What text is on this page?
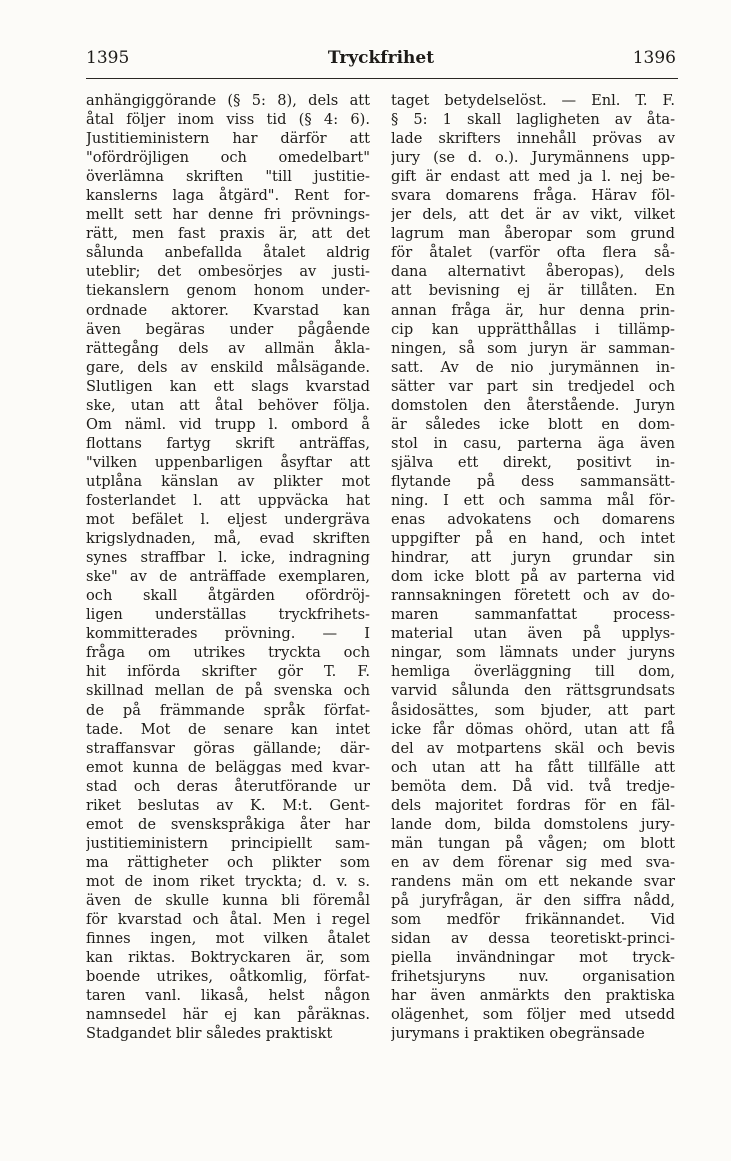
1395	Tryckfrihet	1396
anhängiggörande (§ 5: 8), dels att
åtal följer inom viss tid (§ 4: 6).
Justitieministern har därför att
"ofördröjligen och omedelbart"
överlämna skriften "till justitie-
kanslerns laga åtgärd". Rent for-
mellt sett har denne fri prövnings-
rätt, men fast praxis är, att det
sålunda anbefallda åtalet aldrig
uteblir; det ombesörjes av justi-
tiekanslern genom honom under-
ordnade aktorer. Kvarstad kan
även begäras under pågående
rättegång dels av allmän åkla-
gare, dels av enskild målsägande.
Slutligen kan ett slags kvarstad
ske, utan att åtal behöver följa.
Om näml. vid trupp l. ombord å
flottans fartyg skrift anträffas,
"vilken uppenbarligen åsyftar att
utplåna känslan av plikter mot
fosterlandet l. att uppväcka hat
mot befälet l. eljest undergräva
krigslydnaden, må, evad skriften
synes straffbar l. icke, indragning
ske" av de anträffade exemplaren,
och skall åtgärden ofördröj-
ligen underställas tryckfrihets-
kommitterades prövning. — I
fråga om utrikes tryckta och
hit införda skrifter gör T. F.
skillnad mellan de på svenska och
de på främmande språk förfat-
tade. Mot de senare kan intet
straffansvar göras gällande; där-
emot kunna de beläggas med kvar-
stad och deras återutförande ur
riket beslutas av K. M:t. Gent-
emot de svenskspråkiga åter har
justitieministern principiellt sam-
ma rättigheter och plikter som
mot de inom riket tryckta; d. v. s.
även de skulle kunna bli föremål
för kvarstad och åtal. Men i regel
finnes ingen, mot vilken åtalet
kan riktas. Boktryckaren är, som
boende utrikes, oåtkomlig, förfat-
taren vanl. likaså, helst någon
namnsedel här ej kan påräknas.
Stadgandet blir således praktiskt
taget betydelselöst. — Enl. T. F.
§ 5: 1 skall lagligheten av åta-
lade skrifters innehåll prövas av
jury (se d. o.). Jurymännens upp-
gift är endast att med ja l. nej be-
svara domarens fråga. Härav föl-
jer dels, att det är av vikt, vilket
lagrum man åberopar som grund
för åtalet (varför ofta flera så-
dana alternativt åberopas), dels
att bevisning ej är tillåten. En
annan fråga är, hur denna prin-
cip kan upprätthållas i tillämp-
ningen, så som juryn är samman-
satt. Av de nio jurymännen in-
sätter var part sin tredjedel och
domstolen den återstående. Juryn
är således icke blott en dom-
stol in casu, parterna äga även
själva ett direkt, positivt in-
flytande på dess sammansätt-
ning. I ett och samma mål för-
enas advokatens och domarens
uppgifter på en hand, och intet
hindrar, att juryn grundar sin
dom icke blott på av parterna vid
rannsakningen företett och av do-
maren sammanfattat process-
material utan även på upplys-
ningar, som lämnats under juryns
hemliga överläggning till dom,
varvid sålunda den rättsgrundsats
åsidosättes, som bjuder, att part
icke får dömas ohörd, utan att få
del av motpartens skäl och bevis
och utan att ha fått tillfälle att
bemöta dem. Då vid. två tredje-
dels majoritet fordras för en fäl-
lande dom, bilda domstolens jury-
män tungan på vågen; om blott
en av dem förenar sig med sva-
randens män om ett nekande svar
på juryfrågan, är den siffra nådd,
som medför frikännandet. Vid
sidan av dessa teoretiskt-princi-
piella invändningar mot tryck-
frihetsjuryns nuv. organisation
har även anmärkts den praktiska
olägenhet, som följer med utsedd
jurymans i praktiken obegränsade
